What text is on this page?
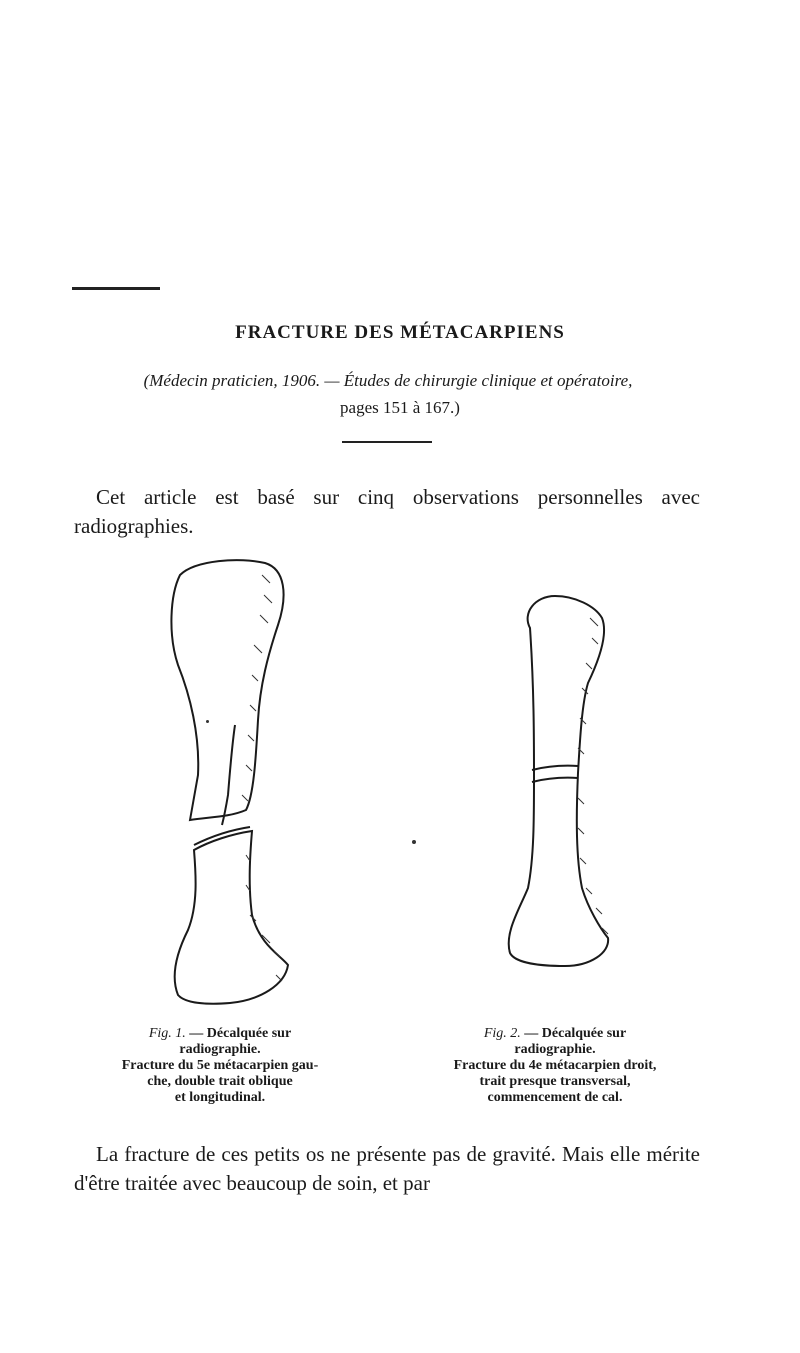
FRACTURE DES MÉTACARPIENS
(Médecin praticien, 1906. — Études de chirurgie clinique et opératoire,
pages 151 à 167.)
Cet article est basé sur cinq observations personnelles avec radiographies.
Fig. 1. — Décalquée sur
radiographie.
Fracture du 5e métacarpien gau-
che, double trait oblique
et longitudinal.
Fig. 2. — Décalquée sur
radiographie.
Fracture du 4e métacarpien droit,
trait presque transversal,
commencement de cal.
La fracture de ces petits os ne présente pas de gravité. Mais elle mérite d'être traitée avec beaucoup de soin, et par
